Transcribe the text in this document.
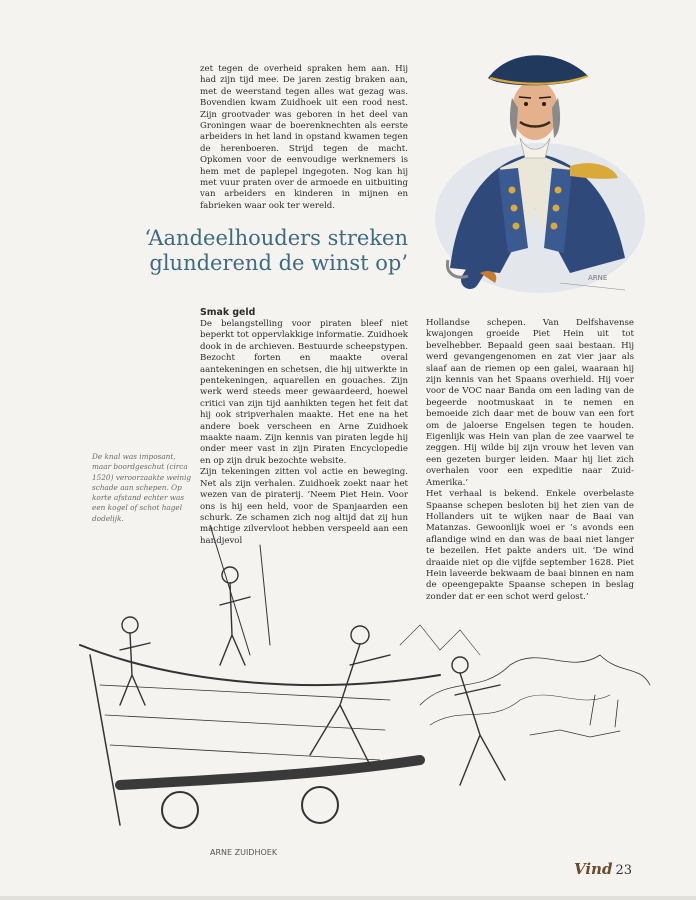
ARNE

zet tegen de overheid spraken hem aan. Hij had zijn tijd mee. De jaren zestig braken aan, met de weerstand tegen alles wat gezag was. Bovendien kwam Zuidhoek uit een rood nest. Zijn grootvader was geboren in het deel van Groningen waar de boerenknechten als eerste arbeiders in het land in opstand kwamen tegen de herenboeren. Strijd tegen de macht. Opkomen voor de eenvoudige werknemers is hem met de paplepel ingegoten. Nog kan hij met vuur praten over de armoede en uitbuiting van arbeiders en kinderen in mijnen en fabrieken waar ook ter wereld.

‘Aandeelhouders streken
glunderend de winst op’
Smak geld

De belangstelling voor piraten bleef niet beperkt tot oppervlakkige informatie. Zuidhoek dook in de archieven. Bestuurde scheepstypen. Bezocht forten en maakte overal aantekeningen en schetsen, die hij uitwerkte in pentekeningen, aquarellen en gouaches. Zijn werk werd steeds meer gewaardeerd, hoewel critici van zijn tijd aanhikten tegen het feit dat hij ook stripverhalen maakte. Het ene na het andere boek verscheen en Arne Zuidhoek maakte naam. Zijn kennis van piraten legde hij onder meer vast in zijn Piraten Encyclopedie en op zijn druk bezochte website.

Zijn tekeningen zitten vol actie en beweging. Net als zijn verhalen. Zuidhoek zoekt naar het wezen van de piraterij. ‘Neem Piet Hein. Voor ons is hij een held, voor de Spanjaarden een schurk. Ze schamen zich nog altijd dat zij hun machtige zilvervloot hebben verspeeld aan een handjevol

Hollandse schepen. Van Delfshavense kwajongen groeide Piet Hein uit tot bevelhebber. Bepaald geen saai bestaan. Hij werd gevangengenomen en zat vier jaar als slaaf aan de riemen op een galei, waaraan hij zijn kennis van het Spaans overhield. Hij voer voor de VOC naar Banda om een lading van de begeerde nootmuskaat in te nemen en bemoeide zich daar met de bouw van een fort om de jaloerse Engelsen tegen te houden. Eigenlijk was Hein van plan de zee vaarwel te zeggen. Hij wilde bij zijn vrouw het leven van een gezeten burger leiden. Maar hij liet zich overhalen voor een expeditie naar Zuid-Amerika.’

Het verhaal is bekend. Enkele overbelaste Spaanse schepen besloten bij het zien van de Hollanders uit te wijken naar de Baai van Matanzas. Gewoonlijk woei er ’s avonds een aflandige wind en dan was de baai niet langer te bezeilen. Het pakte anders uit. ‘De wind draaide niet op die vijfde september 1628. Piet Hein laveerde bekwaam de baai binnen en nam de opeengepakte Spaanse schepen in beslag zonder dat er een schot werd gelost.’

De knal was imposant, maar boordgeschut (circa 1520) veroorzaakte weinig schade aan schepen. Op korte afstand echter was een kogel of schot hagel dodelijk.
ARNE ZUIDHOEK
Vind 23
